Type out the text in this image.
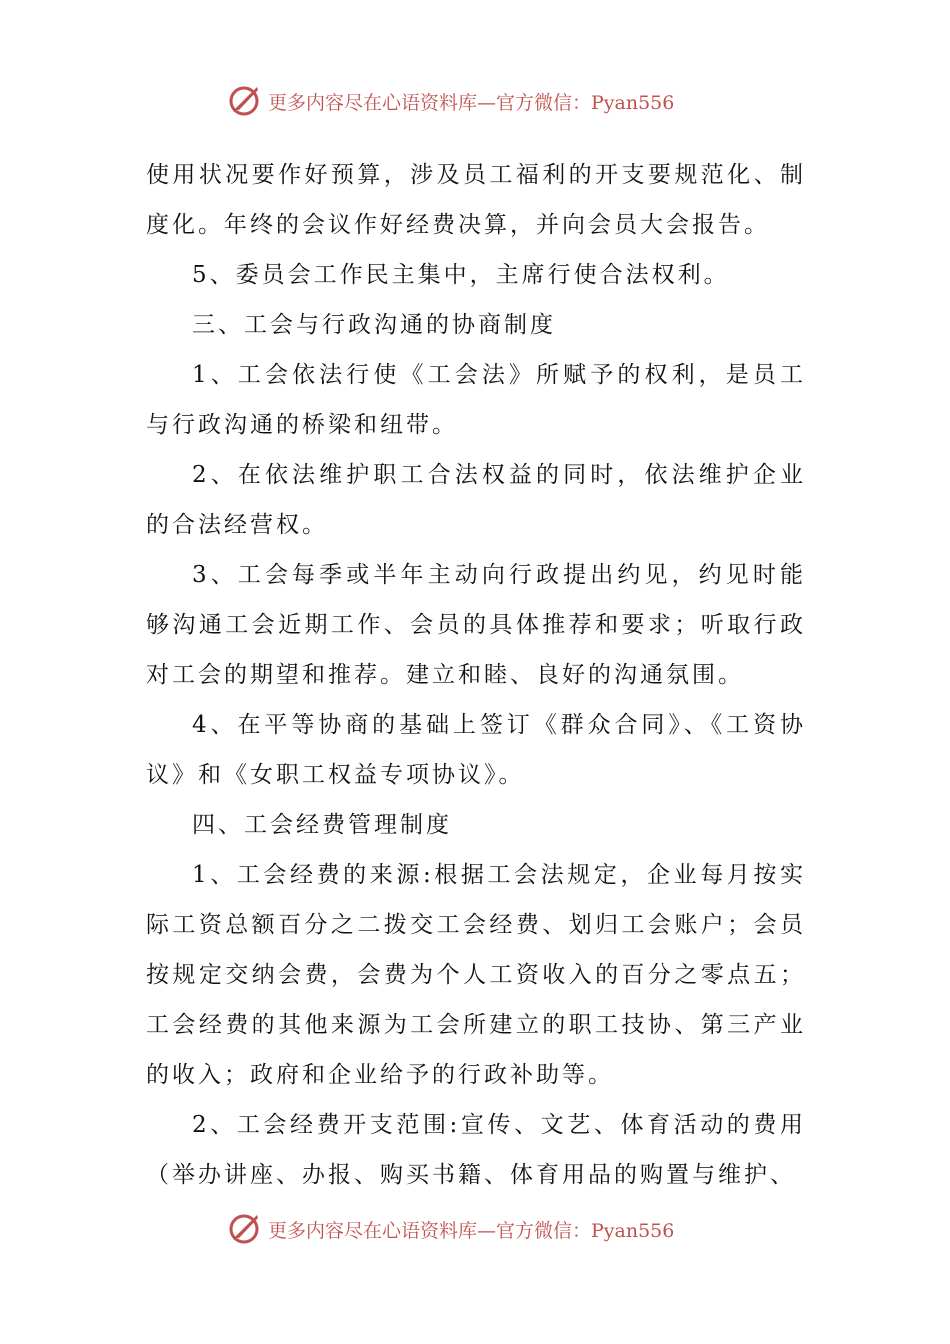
更多内容尽在心语资料库—官方微信：Pyan556

使用状况要作好预算，涉及员工福利的开支要规范化、制度化。年终的会议作好经费决算，并向会员大会报告。

5、委员会工作民主集中，主席行使合法权利。

三、工会与行政沟通的协商制度

1、工会依法行使《工会法》所赋予的权利，是员工与行政沟通的桥梁和纽带。

2、在依法维护职工合法权益的同时，依法维护企业的合法经营权。

3、工会每季或半年主动向行政提出约见，约见时能够沟通工会近期工作、会员的具体推荐和要求；听取行政对工会的期望和推荐。建立和睦、良好的沟通氛围。

4、在平等协商的基础上签订《群众合同》、《工资协议》和《女职工权益专项协议》。

四、工会经费管理制度

1、工会经费的来源:根据工会法规定，企业每月按实际工资总额百分之二拨交工会经费、划归工会账户；会员按规定交纳会费，会费为个人工资收入的百分之零点五；工会经费的其他来源为工会所建立的职工技协、第三产业的收入；政府和企业给予的行政补助等。

2、工会经费开支范围:宣传、文艺、体育活动的费用（举办讲座、办报、购买书籍、体育用品的购置与维护、

更多内容尽在心语资料库—官方微信：Pyan556
